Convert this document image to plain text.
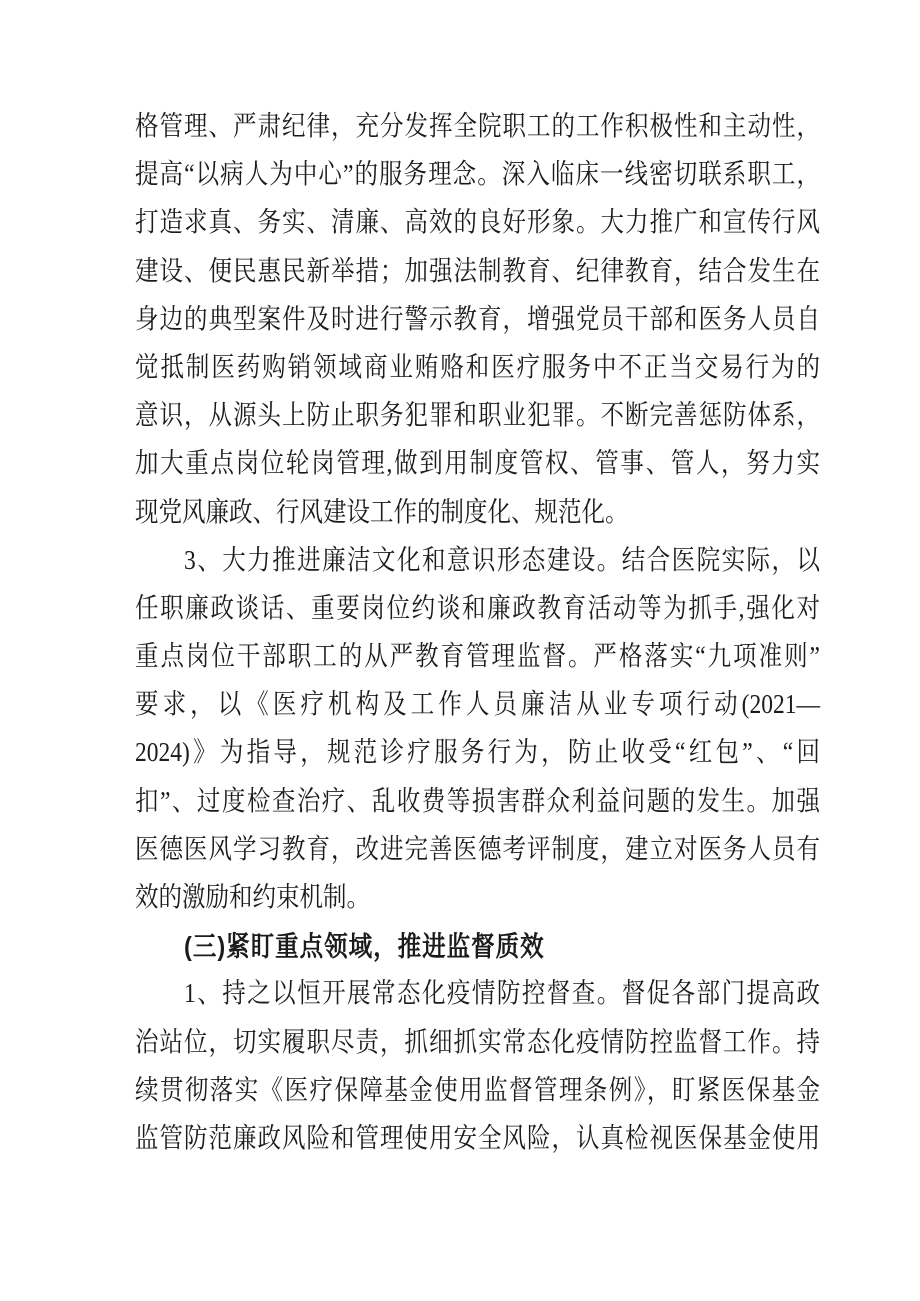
格管理、严肃纪律，充分发挥全院职工的工作积极性和主动性，
提高“以病人为中心”的服务理念。深入临床一线密切联系职工，
打造求真、务实、清廉、高效的良好形象。大力推广和宣传行风
建设、便民惠民新举措；加强法制教育、纪律教育，结合发生在
身边的典型案件及时进行警示教育，增强党员干部和医务人员自
觉抵制医药购销领域商业贿赂和医疗服务中不正当交易行为的
意识，从源头上防止职务犯罪和职业犯罪。不断完善惩防体系，
加大重点岗位轮岗管理,做到用制度管权、管事、管人，努力实
现党风廉政、行风建设工作的制度化、规范化。
3、大力推进廉洁文化和意识形态建设。结合医院实际，以
任职廉政谈话、重要岗位约谈和廉政教育活动等为抓手,强化对
重点岗位干部职工的从严教育管理监督。严格落实“九项准则”
要求，以《医疗机构及工作人员廉洁从业专项行动(2021—
2024)》为指导，规范诊疗服务行为，防止收受“红包”、“回
扣”、过度检查治疗、乱收费等损害群众利益问题的发生。加强
医德医风学习教育，改进完善医德考评制度，建立对医务人员有
效的激励和约束机制。
(三)紧盯重点领域，推进监督质效
1、持之以恒开展常态化疫情防控督查。督促各部门提高政
治站位，切实履职尽责，抓细抓实常态化疫情防控监督工作。持
续贯彻落实《医疗保障基金使用监督管理条例》，盯紧医保基金
监管防范廉政风险和管理使用安全风险，认真检视医保基金使用
